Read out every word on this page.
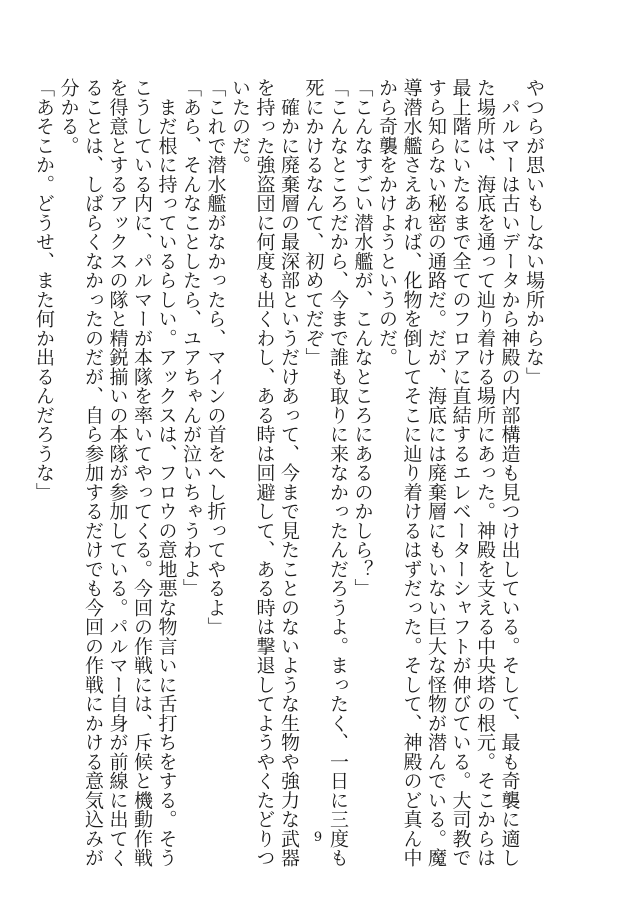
やつらが思いもしない場所からな」
　パルマーは古いデータから神殿の内部構造も見つけ出している。そして、最も奇襲に適し
た場所は、海底を通って辿り着ける場所にあった。神殿を支える中央塔の根元。そこからは
最上階にいたるまで全てのフロアに直結するエレベーターシャフトが伸びている。大司教で
すら知らない秘密の通路だ。だが、海底には廃棄層にもいない巨大な怪物が潜んでいる。魔
導潜水艦さえあれば、化物を倒してそこに辿り着けるはずだった。そして、神殿のど真ん中
から奇襲をかけようというのだ。
「こんなすごい潜水艦が、こんなところにあるのかしら？」
「こんなところだから、今まで誰も取りに来なかったんだろうよ。まったく、一日に三度も
死にかけるなんて、初めてだぞ」
　確かに廃棄層の最深部というだけあって、今まで見たことのないような生物や強力な武器
を持った強盗団に何度も出くわし、ある時は回避して、ある時は撃退してようやくたどりつ
いたのだ。
「これで潜水艦がなかったら、マインの首をへし折ってやるよ」
「あら、そんなことしたら、ユアちゃんが泣いちゃうわよ」
　まだ根に持っているらしい。アックスは、フロウの意地悪な物言いに舌打ちをする。そう
こうしている内に、パルマーが本隊を率いてやってくる。今回の作戦には、斥候と機動作戦
を得意とするアックスの隊と精鋭揃いの本隊が参加している。パルマー自身が前線に出てく
ることは、しばらくなかったのだが、自ら参加するだけでも今回の作戦にかける意気込みが
分かる。
「あそこか。どうせ、また何か出るんだろうな」
9
